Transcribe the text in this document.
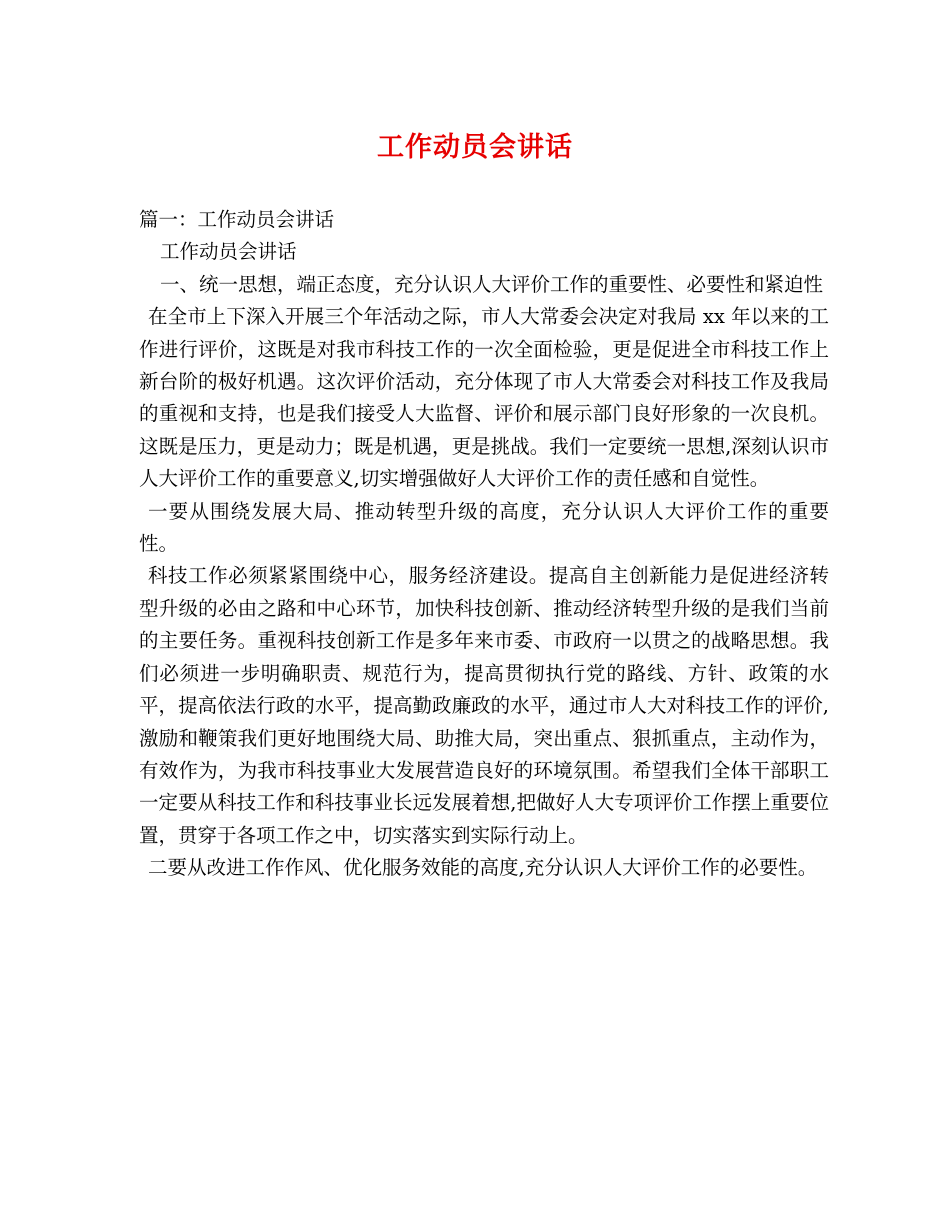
工作动员会讲话

篇一：工作动员会讲话

工作动员会讲话

一、统一思想，端正态度，充分认识人大评价工作的重要性、必要性和紧迫性

在全市上下深入开展三个年活动之际，市人大常委会决定对我局 xx 年以来的工作进行评价，这既是对我市科技工作的一次全面检验，更是促进全市科技工作上新台阶的极好机遇。这次评价活动，充分体现了市人大常委会对科技工作及我局的重视和支持，也是我们接受人大监督、评价和展示部门良好形象的一次良机。这既是压力，更是动力；既是机遇，更是挑战。我们一定要统一思想,深刻认识市人大评价工作的重要意义,切实增强做好人大评价工作的责任感和自觉性。

一要从围绕发展大局、推动转型升级的高度，充分认识人大评价工作的重要性。

科技工作必须紧紧围绕中心，服务经济建设。提高自主创新能力是促进经济转型升级的必由之路和中心环节，加快科技创新、推动经济转型升级的是我们当前的主要任务。重视科技创新工作是多年来市委、市政府一以贯之的战略思想。我们必须进一步明确职责、规范行为，提高贯彻执行党的路线、方针、政策的水平，提高依法行政的水平，提高勤政廉政的水平，通过市人大对科技工作的评价,激励和鞭策我们更好地围绕大局、助推大局，突出重点、狠抓重点，主动作为，有效作为，为我市科技事业大发展营造良好的环境氛围。希望我们全体干部职工一定要从科技工作和科技事业长远发展着想,把做好人大专项评价工作摆上重要位置，贯穿于各项工作之中，切实落实到实际行动上。

二要从改进工作作风、优化服务效能的高度,充分认识人大评价工作的必要性。
